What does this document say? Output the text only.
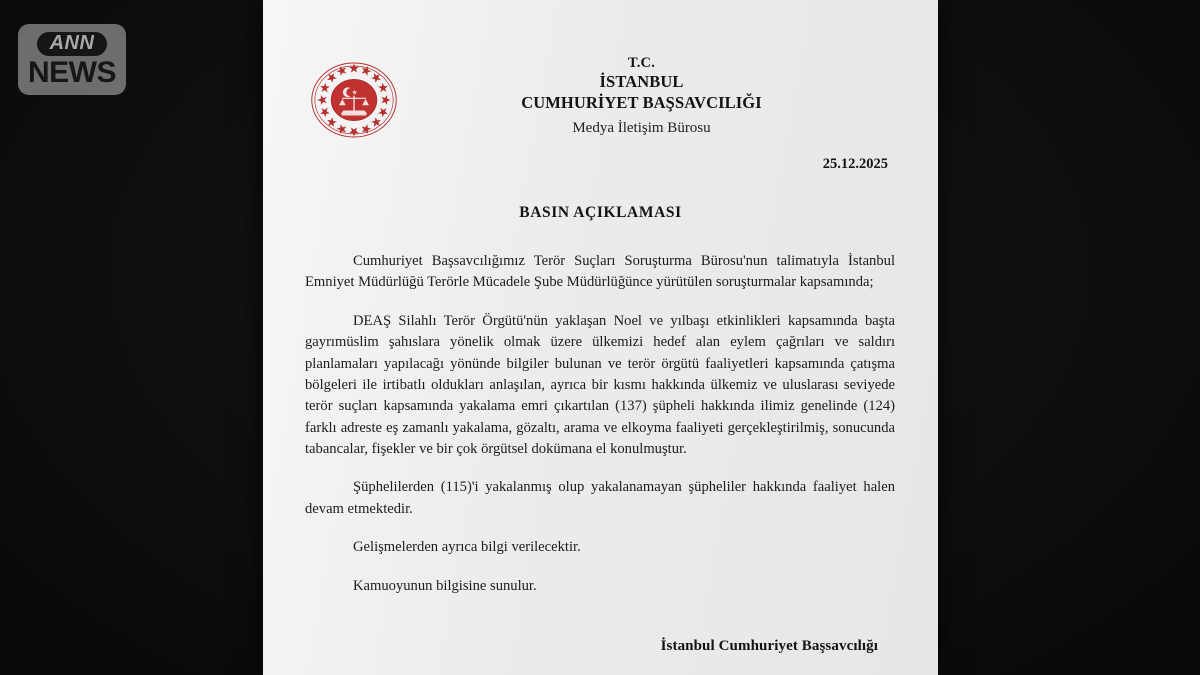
ANN
NEWS	T.C.
İSTANBUL
CUMHURİYET BAŞSAVCILIĞI
Medya İletişim Bürosu
25.12.2025
BASIN AÇIKLAMASI

Cumhuriyet Başsavcılığımız Terör Suçları Soruşturma Bürosu'nun talimatıyla İstanbul Emniyet Müdürlüğü Terörle Mücadele Şube Müdürlüğünce yürütülen soruşturmalar kapsamında;

DEAŞ Silahlı Terör Örgütü'nün yaklaşan Noel ve yılbaşı etkinlikleri kapsamında başta gayrımüslim şahıslara yönelik olmak üzere ülkemizi hedef alan eylem çağrıları ve saldırı planlamaları yapılacağı yönünde bilgiler bulunan ve terör örgütü faaliyetleri kapsamında çatışma bölgeleri ile irtibatlı oldukları anlaşılan, ayrıca bir kısmı hakkında ülkemiz ve uluslarası seviyede terör suçları kapsamında yakalama emri çıkartılan (137) şüpheli hakkında ilimiz genelinde (124) farklı adreste eş zamanlı yakalama, gözaltı, arama ve elkoyma faaliyeti gerçekleştirilmiş, sonucunda tabancalar, fişekler ve bir çok örgütsel dokümana el konulmuştur.

Şüphelilerden (115)'i yakalanmış olup yakalanamayan şüpheliler hakkında faaliyet halen devam etmektedir.

Gelişmelerden ayrıca bilgi verilecektir.

Kamuoyunun bilgisine sunulur.

İstanbul Cumhuriyet Başsavcılığı
